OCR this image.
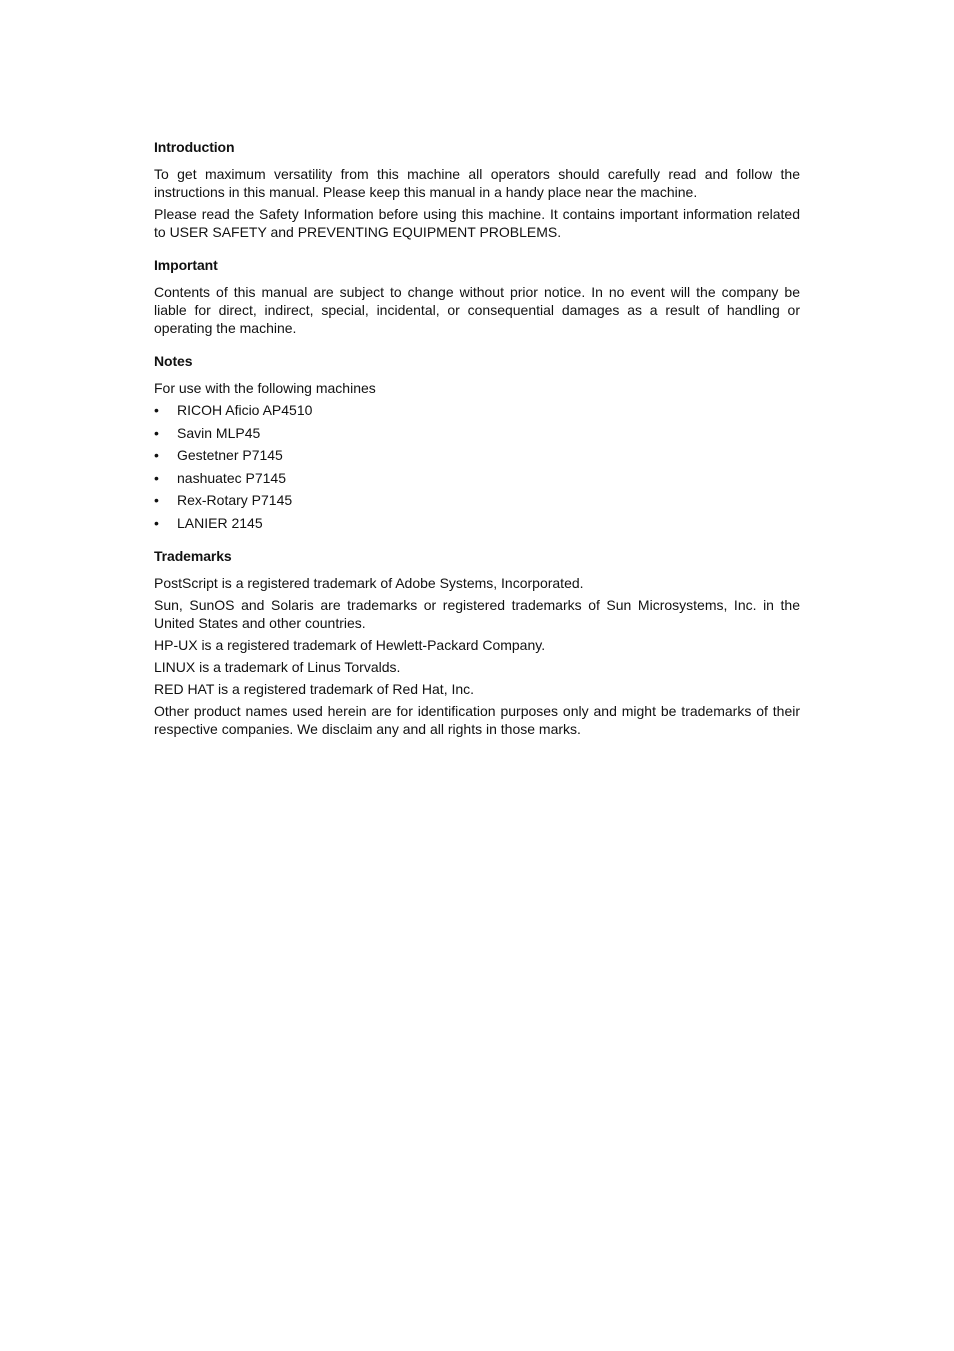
Introduction

To get maximum versatility from this machine all operators should carefully read and follow the instructions in this manual. Please keep this manual in a handy place near the machine.

Please read the Safety Information before using this machine. It contains important information related to USER SAFETY and PREVENTING EQUIPMENT PROBLEMS.

Important

Contents of this manual are subject to change without prior notice. In no event will the company be liable for direct, indirect, special, incidental, or consequential damages as a result of handling or operating the machine.

Notes

For use with the following machines

• RICOH Aficio AP4510
• Savin MLP45
• Gestetner P7145
• nashuatec P7145
• Rex-Rotary P7145
• LANIER 2145
Trademarks

PostScript is a registered trademark of Adobe Systems, Incorporated.

Sun, SunOS and Solaris are trademarks or registered trademarks of Sun Microsystems, Inc. in the United States and other countries.

HP-UX is a registered trademark of Hewlett-Packard Company.

LINUX is a trademark of Linus Torvalds.

RED HAT is a registered trademark of Red Hat, Inc.

Other product names used herein are for identification purposes only and might be trademarks of their respective companies. We disclaim any and all rights in those marks.
